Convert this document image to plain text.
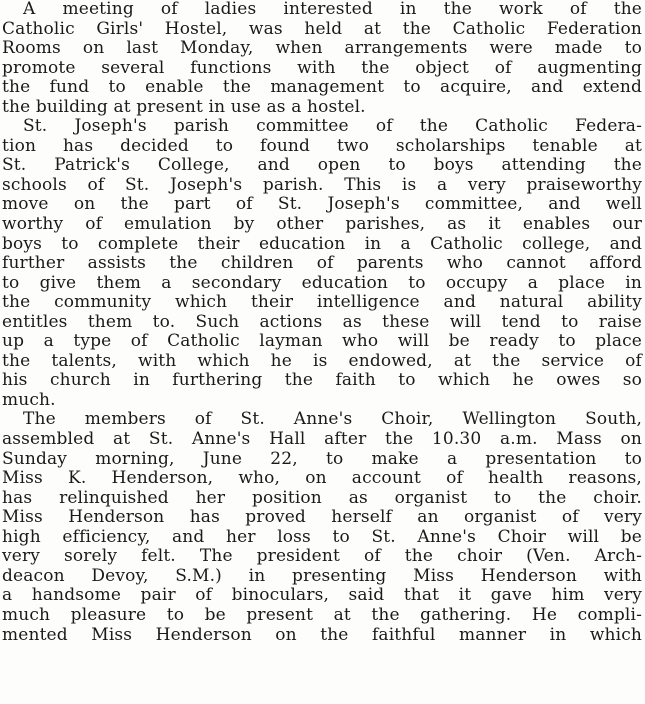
A meeting of ladies interested in the work of the
Catholic Girls' Hostel, was held at the Catholic Federation
Rooms on last Monday, when arrangements were made to
promote several functions with the object of augmenting
the fund to enable the management to acquire, and extend
the building at present in use as a hostel.
St. Joseph's parish committee of the Catholic Federa-
tion has decided to found two scholarships tenable at
St. Patrick's College, and open to boys attending the
schools of St. Joseph's parish. This is a very praiseworthy
move on the part of St. Joseph's committee, and well
worthy of emulation by other parishes, as it enables our
boys to complete their education in a Catholic college, and
further assists the children of parents who cannot afford
to give them a secondary education to occupy a place in
the community which their intelligence and natural ability
entitles them to. Such actions as these will tend to raise
up a type of Catholic layman who will be ready to place
the talents, with which he is endowed, at the service of
his church in furthering the faith to which he owes so
much.
The members of St. Anne's Choir, Wellington South,
assembled at St. Anne's Hall after the 10.30 a.m. Mass on
Sunday morning, June 22, to make a presentation to
Miss K. Henderson, who, on account of health reasons,
has relinquished her position as organist to the choir.
Miss Henderson has proved herself an organist of very
high efficiency, and her loss to St. Anne's Choir will be
very sorely felt. The president of the choir (Ven. Arch-
deacon Devoy, S.M.) in presenting Miss Henderson with
a handsome pair of binoculars, said that it gave him very
much pleasure to be present at the gathering. He compli-
mented Miss Henderson on the faithful manner in which
